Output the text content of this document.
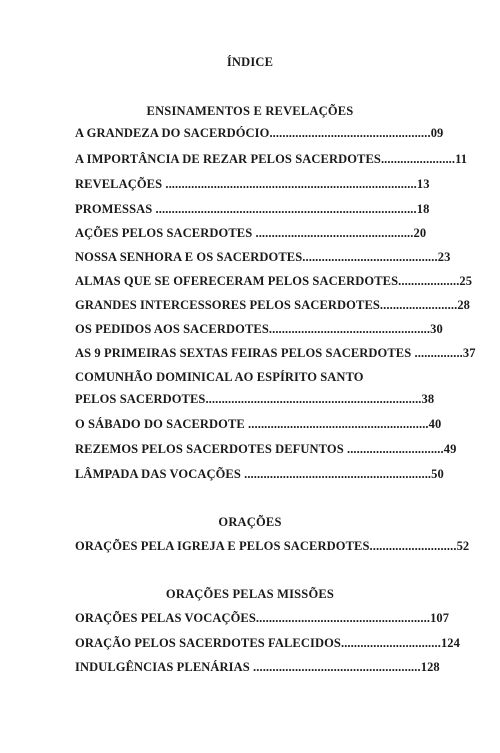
ÍNDICE
ENSINAMENTOS E REVELAÇÕES
A GRANDEZA DO SACERDÓCIO..................................................09
A IMPORTÂNCIA DE REZAR PELOS SACERDOTES.......................11
REVELAÇÕES ..............................................................................13
PROMESSAS .................................................................................18
AÇÕES PELOS SACERDOTES .................................................20
NOSSA SENHORA E OS SACERDOTES..........................................23
ALMAS QUE SE OFERECERAM PELOS SACERDOTES...................25
GRANDES INTERCESSORES PELOS SACERDOTES........................28
OS PEDIDOS AOS SACERDOTES..................................................30
AS 9 PRIMEIRAS SEXTAS FEIRAS PELOS SACERDOTES ...............37
COMUNHÃO DOMINICAL AO ESPÍRITO SANTO
PELOS SACERDOTES...................................................................38
O SÁBADO DO SACERDOTE ........................................................40
REZEMOS PELOS SACERDOTES DEFUNTOS ..............................49
LÂMPADA DAS VOCAÇÕES ..........................................................50
ORAÇÕES
ORAÇÕES PELA IGREJA E PELOS SACERDOTES...........................52
ORAÇÕES PELAS MISSÕES
ORAÇÕES PELAS VOCAÇÕES......................................................107
ORAÇÃO PELOS SACERDOTES FALECIDOS...............................124
INDULGÊNCIAS PLENÁRIAS ....................................................128
